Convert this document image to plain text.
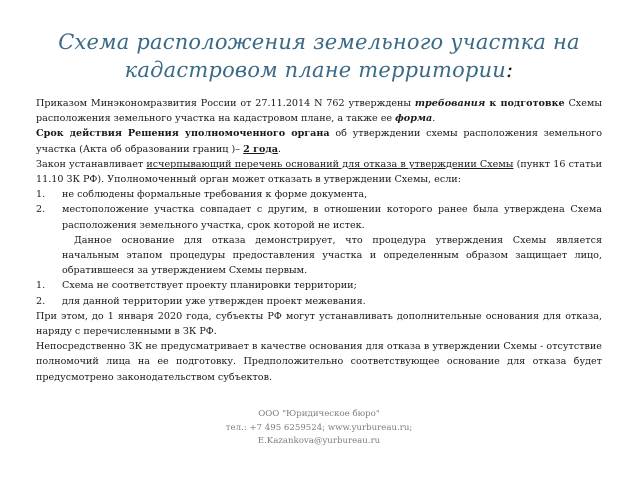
Схема расположения земельного участка на
кадастровом плане территории:

Приказом Минэкономразвития России от 27.11.2014 N 762 утверждены требования к подготовке Схемы расположения земельного участка на кадастровом плане, а также ее форма.

Срок действия Решения уполномоченного органа об утверждении схемы расположения земельного участка (Акта об образовании границ )– 2 года.

Закон устанавливает исчерпывающий перечень оснований для отказа в утверждении Схемы (пункт 16 статьи 11.10 ЗК РФ). Уполномоченный орган может отказать в утверждении Схемы, если:

1. не соблюдены формальные требования к форме документа,
2. местоположение участка совпадает с другим, в отношении которого ранее была утверждена Схема расположения земельного участка, срок которой не истек.

Данное основание для отказа демонстрирует, что процедура утверждения Схемы является начальным этапом процедуры предоставления участка и определенным образом защищает лицо, обратившееся за утверждением Схемы первым.

1. Схема не соответствует проекту планировки территории;
2. для данной территории уже утвержден проект межевания.

При этом, до 1 января 2020 года, субъекты РФ могут устанавливать дополнительные основания для отказа, наряду с перечисленными в ЗК РФ.

Непосредственно ЗК не предусматривает в качестве основания для отказа в утверждении Схемы - отсутствие полномочий лица на ее подготовку. Предположительно соответствующее основание для отказа будет предусмотрено законодательством субъектов.

ООО "Юридическое бюро"
тел.: +7 495 6259524; www.yurbureau.ru;
E.Kazankova@yurbureau.ru
